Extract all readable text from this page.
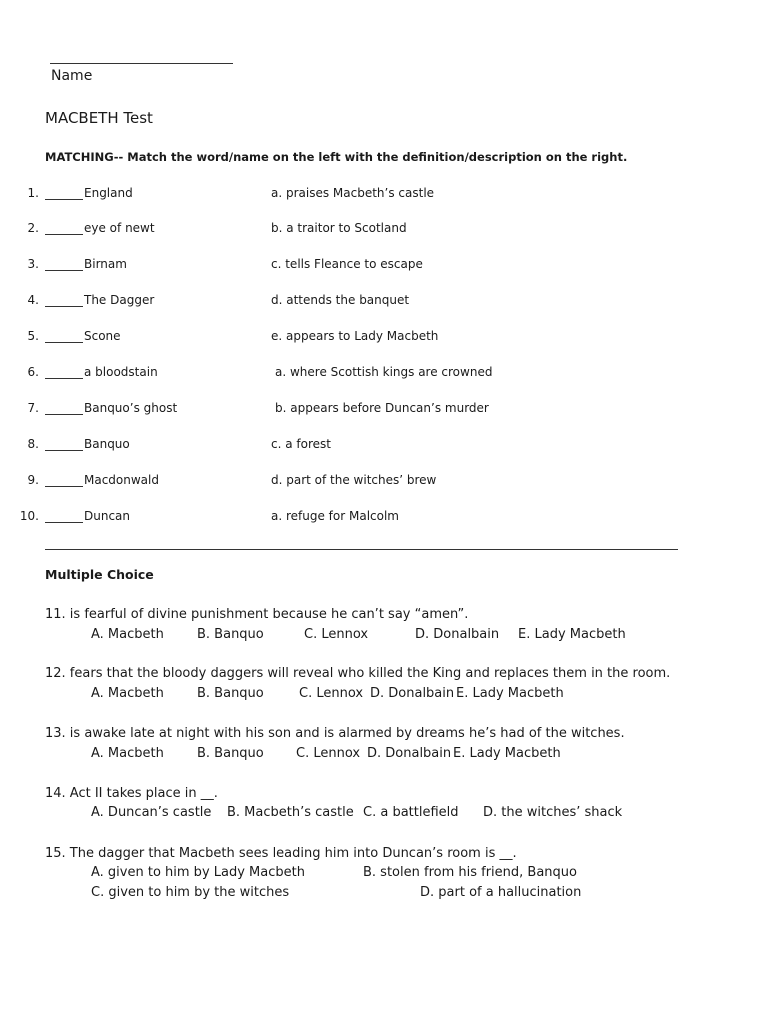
Name
MACBETH Test
MATCHING-- Match the word/name on the left with the definition/description on the right.
1.	England	a. praises Macbeth’s castle
2.	eye of newt	b. a traitor to Scotland
3.	Birnam	c. tells Fleance to escape
4.	The Dagger	d. attends the banquet
5.	Scone	e. appears to Lady Macbeth
6.	a bloodstain	a. where Scottish kings are crowned
7.	Banquo’s ghost	b. appears before Duncan’s murder
8.	Banquo	c. a forest
9.	Macdonwald	d. part of the witches’ brew
10.	Duncan	a. refuge for Malcolm
Multiple Choice
11. is fearful of divine punishment because he can’t say “amen”.
A. Macbeth	B. Banquo	C. Lennox	D. Donalbain E. Lady Macbeth
12. fears that the bloody daggers will reveal who killed the King and replaces them in the room.
A. Macbeth	B. Banquo	C. Lennox D. Donalbain E. Lady Macbeth
13. is awake late at night with his son and is alarmed by dreams he’s had of the witches.
A. Macbeth	B. Banquo C. Lennox D. Donalbain E. Lady Macbeth
14. Act II takes place in __.
A. Duncan’s castle B. Macbeth’s castle C. a battlefield D. the witches’ shack
15. The dagger that Macbeth sees leading him into Duncan’s room is __.
A. given to him by Lady Macbeth	B. stolen from his friend, Banquo
C. given to him by the witches	D. part of a hallucination
